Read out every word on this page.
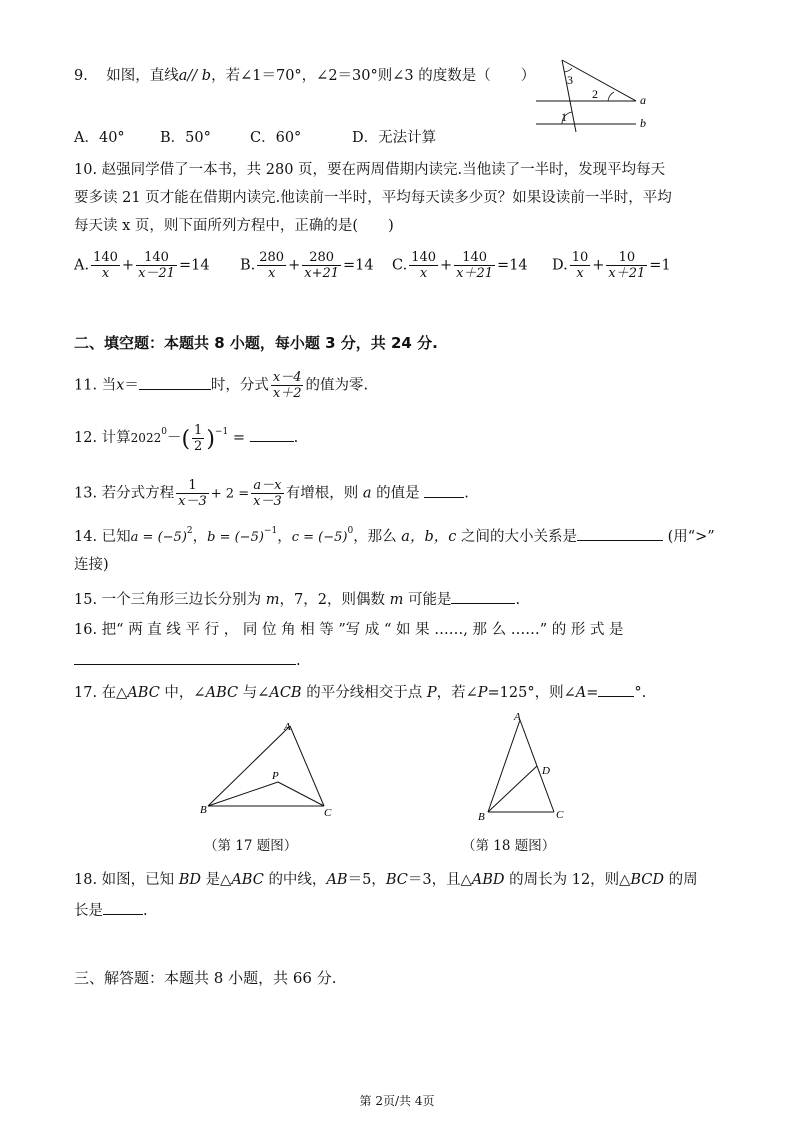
9. 如图，直线a// b，若∠1＝70°，∠2＝30°则∠3 的度数是（ ）	3
2
1
a
b
A．40° B．50°	C．60°	D．无法计算
10. 赵强同学借了一本书，共 280 页，要在两周借期内读完.当他读了一半时，发现平均每天
要多读 21 页才能在借期内读完.他读前一半时，平均每天读多少页？如果设读前一半时，平均
每天读 x 页，则下面所列方程中，正确的是( )
A. $\frac{140}{x} + \frac{140}{x-21} =14$ B. $\frac{280}{x} + \frac{280}{x+21} =14$ C. $\frac{140}{x} + \frac{140}{x+21} =14$ D. $\frac{10}{x} + \frac{10}{x+21} =1$
二、填空题：本题共 8 小题，每小题 3 分，共 24 分.
11. 当x＝	时，分式 $\frac{x-4}{x+2}$ 的值为零.
12. 计算$2022^0-( \frac{1}{2} )^{-1}$ =	.
13. 若分式方程 $\frac{1}{x-3} + 2 = \frac{a-x}{x-3}$ 有增根，则 a 的值是	.
14. 已知$a = (-5)^2$，$b = (-5)^{-1}$，$c = (-5)^0$，那么 a，b，c 之间的大小关系是	(用“>”
连接)
15. 一个三角形三边长分别为 m，7，2，则偶数 m 可能是	.
16. 把“ 两 直 线 平 行 ， 同 位 角 相 等 ”写 成 “ 如 果 ……, 那 么 ……” 的 形 式 是
.
17. 在△ABC 中，∠ABC 与∠ACB 的平分线相交于点 P，若∠P=125°，则∠A= °.
A
P
B	C
（第 17 题图）
A
D
B	C
（第 18 题图）
18. 如图，已知 BD 是△ABC 的中线，AB＝5，BC＝3，且△ABD 的周长为 12，则△BCD 的周
长是	.
三、解答题：本题共 8 小题，共 66 分.
第 2页/共 4页
